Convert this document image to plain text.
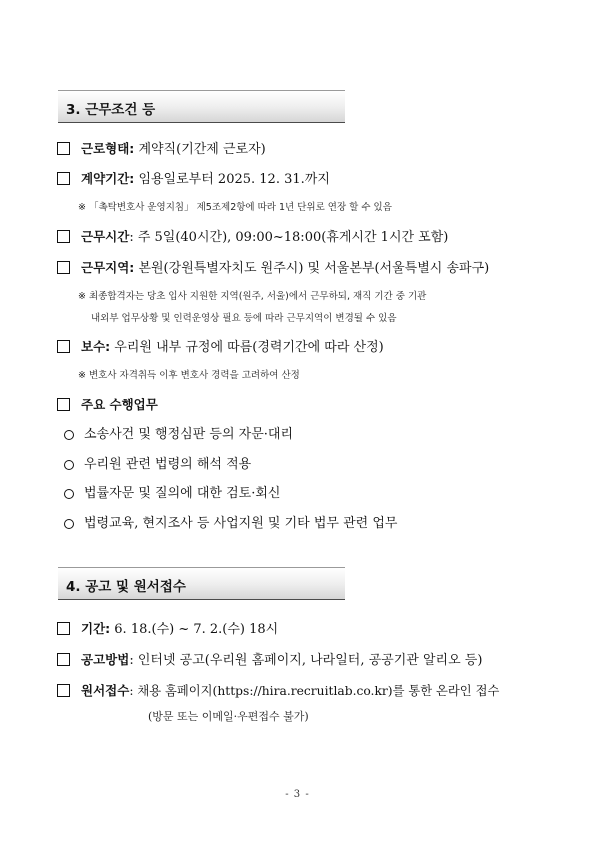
3. 근무조건 등
근로형태: 계약직(기간제 근로자)
계약기간: 임용일로부터 2025. 12. 31.까지
※ 「촉탁변호사 운영지침」 제5조제2항에 따라 1년 단위로 연장 할 수 있음
근무시간: 주 5일(40시간), 09:00~18:00(휴게시간 1시간 포함)
근무지역: 본원(강원특별자치도 원주시) 및 서울본부(서울특별시 송파구)
※ 최종합격자는 당초 입사 지원한 지역(원주, 서울)에서 근무하되, 재직 기간 중 기관
내외부 업무상황 및 인력운영상 필요 등에 따라 근무지역이 변경될 수 있음
보수: 우리원 내부 규정에 따름(경력기간에 따라 산정)
※ 변호사 자격취득 이후 변호사 경력을 고려하여 산정
주요 수행업무
소송사건 및 행정심판 등의 자문·대리
우리원 관련 법령의 해석 적용
법률자문 및 질의에 대한 검토·회신
법령교육, 현지조사 등 사업지원 및 기타 법무 관련 업무
4. 공고 및 원서접수
기간: 6. 18.(수) ~ 7. 2.(수) 18시
공고방법: 인터넷 공고(우리원 홈페이지, 나라일터, 공공기관 알리오 등)
원서접수: 채용 홈페이지(https://hira.recruitlab.co.kr)를 통한 온라인 접수
(방문 또는 이메일·우편접수 불가)
- 3 -
